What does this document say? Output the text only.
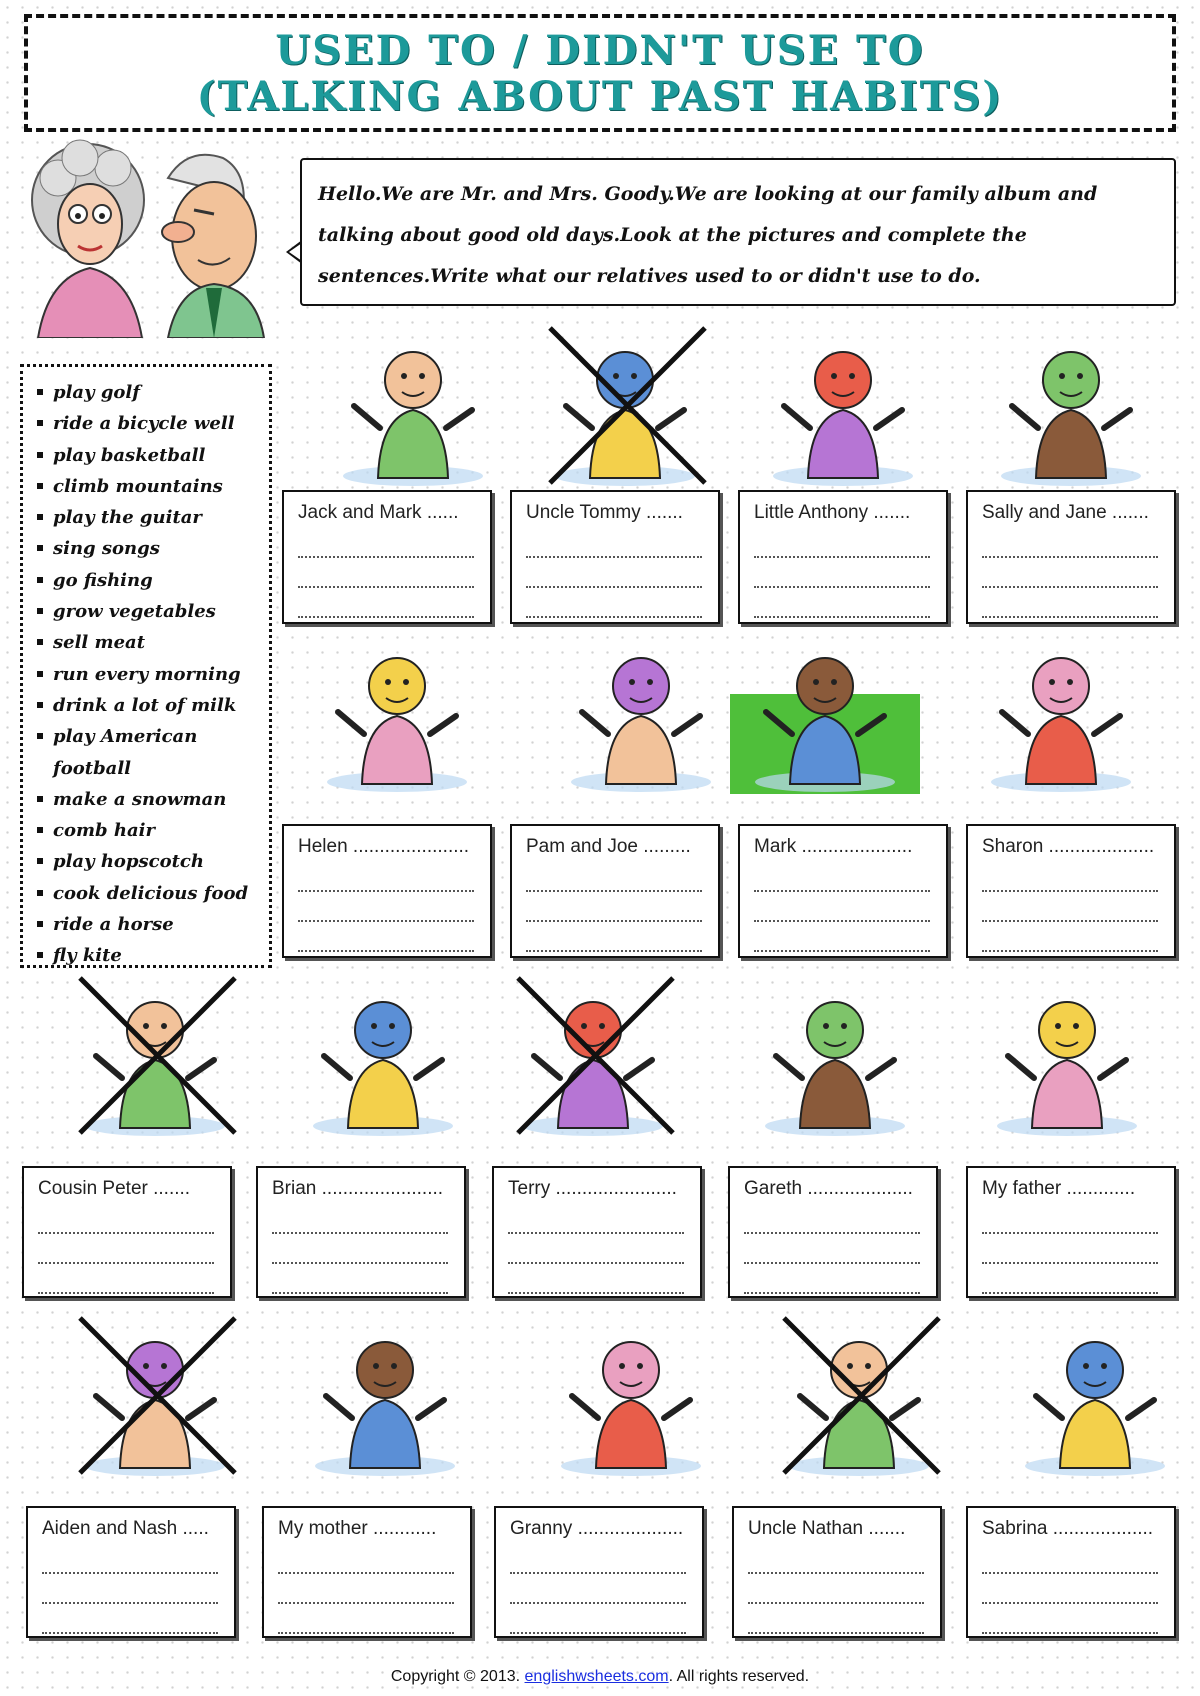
USED TO / DIDN'T USE TO
(TALKING ABOUT PAST HABITS)
Hello.We are Mr. and Mrs. Goody.We are looking at our family album and talking about good old days.Look at the pictures and complete the sentences.Write what our relatives used to or didn't use to do.
play golf
ride a bicycle well
play basketball
climb mountains
play the guitar
sing songs
go fishing
grow vegetables
sell meat
run every morning
drink a lot of milk
play American football
make a snowman
comb hair
play hopscotch
cook delicious food
ride a horse
fly kite
Jack and Mark ......	Uncle Tommy .......	Little Anthony .......	Sally and Jane .......
Helen ......................	Pam and Joe .........	Mark .....................	Sharon ....................
Cousin Peter .......	Brian .......................	Terry .......................	Gareth ....................	My father .............
Aiden and Nash .....	My mother ............	Granny ....................	Uncle Nathan .......	Sabrina ...................
Copyright © 2013. englishwsheets.com. All rights reserved.
